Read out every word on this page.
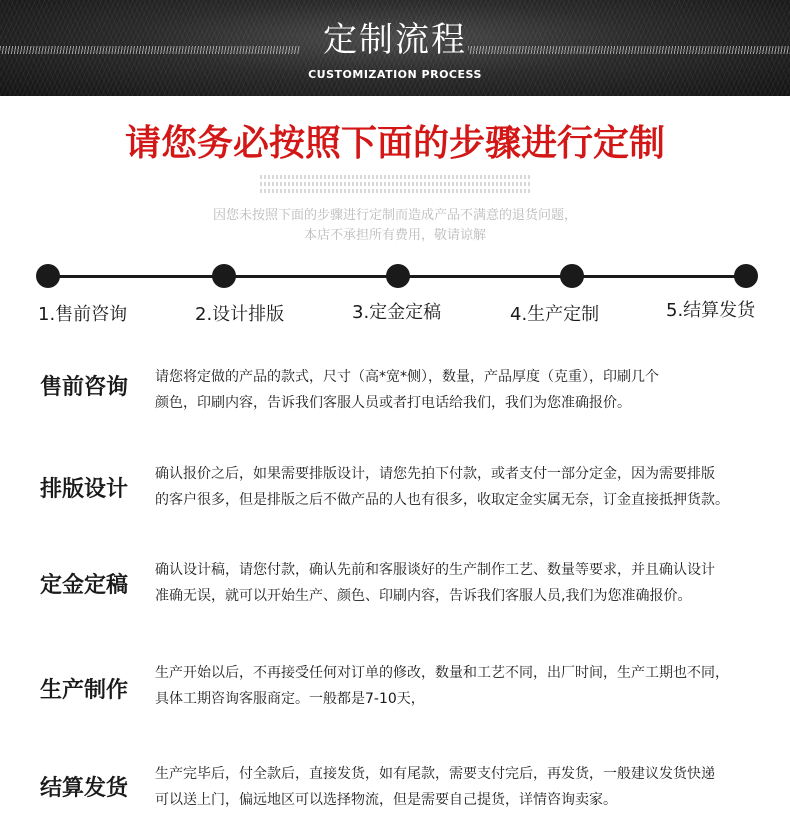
定制流程
CUSTOMIZATION PROCESS
请您务必按照下面的步骤进行定制
因您未按照下面的步骤进行定制而造成产品不满意的退货问题，
本店不承担所有费用，敬请谅解
1.售前咨询	2.设计排版	3.定金定稿	4.生产定制	5.结算发货
售前咨询	请您将定做的产品的款式，尺寸（高*宽*侧），数量，产品厚度（克重），印刷几个
颜色，印刷内容，告诉我们客服人员或者打电话给我们，我们为您准确报价。
排版设计
确认报价之后，如果需要排版设计，请您先拍下付款，或者支付一部分定金，因为需要排版
的客户很多，但是排版之后不做产品的人也有很多，收取定金实属无奈，订金直接抵押货款。
定金定稿
确认设计稿，请您付款，确认先前和客服谈好的生产制作工艺、数量等要求，并且确认设计
准确无误，就可以开始生产、颜色、印刷内容，告诉我们客服人员,我们为您准确报价。
生产制作
生产开始以后，不再接受任何对订单的修改，数量和工艺不同，出厂时间，生产工期也不同，
具体工期咨询客服商定。一般都是7-10天，
结算发货
生产完毕后，付全款后，直接发货，如有尾款，需要支付完后，再发货，一般建议发货快递
可以送上门，偏远地区可以选择物流，但是需要自己提货，详情咨询卖家。
